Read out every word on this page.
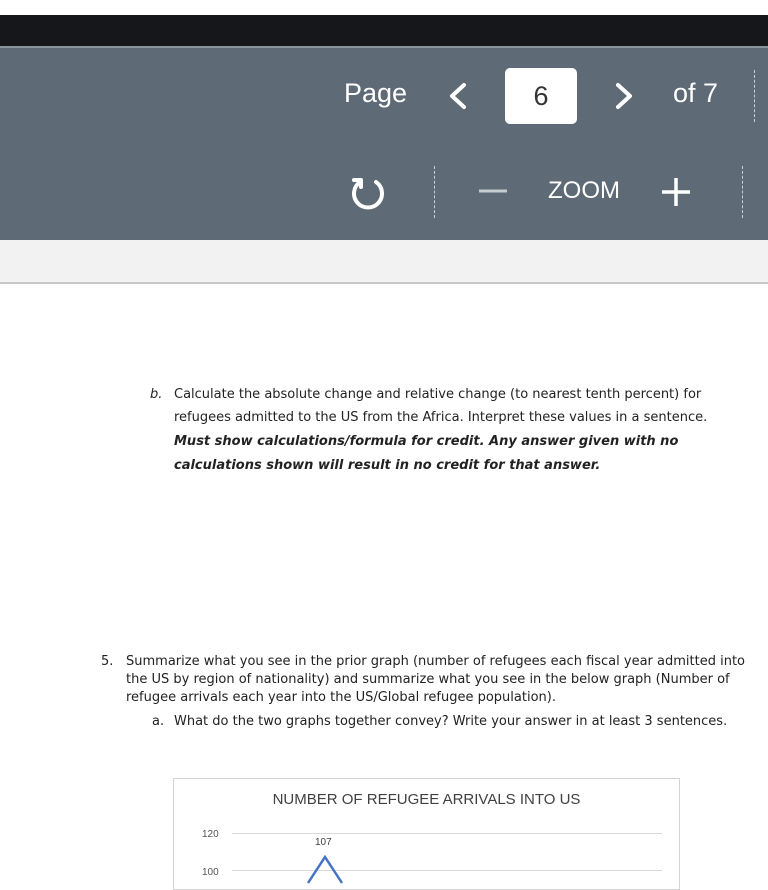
Page
6	of 7
ZOOM
b. Calculate the absolute change and relative change (to nearest tenth percent) for
refugees admitted to the US from the Africa. Interpret these values in a sentence.
Must show calculations/formula for credit. Any answer given with no
calculations shown will result in no credit for that answer.
5. Summarize what you see in the prior graph (number of refugees each fiscal year admitted into
the US by region of nationality) and summarize what you see in the below graph (Number of
refugee arrivals each year into the US/Global refugee population).
a. What do the two graphs together convey? Write your answer in at least 3 sentences.
NUMBER OF REFUGEE ARRIVALS INTO US
120
100
107
